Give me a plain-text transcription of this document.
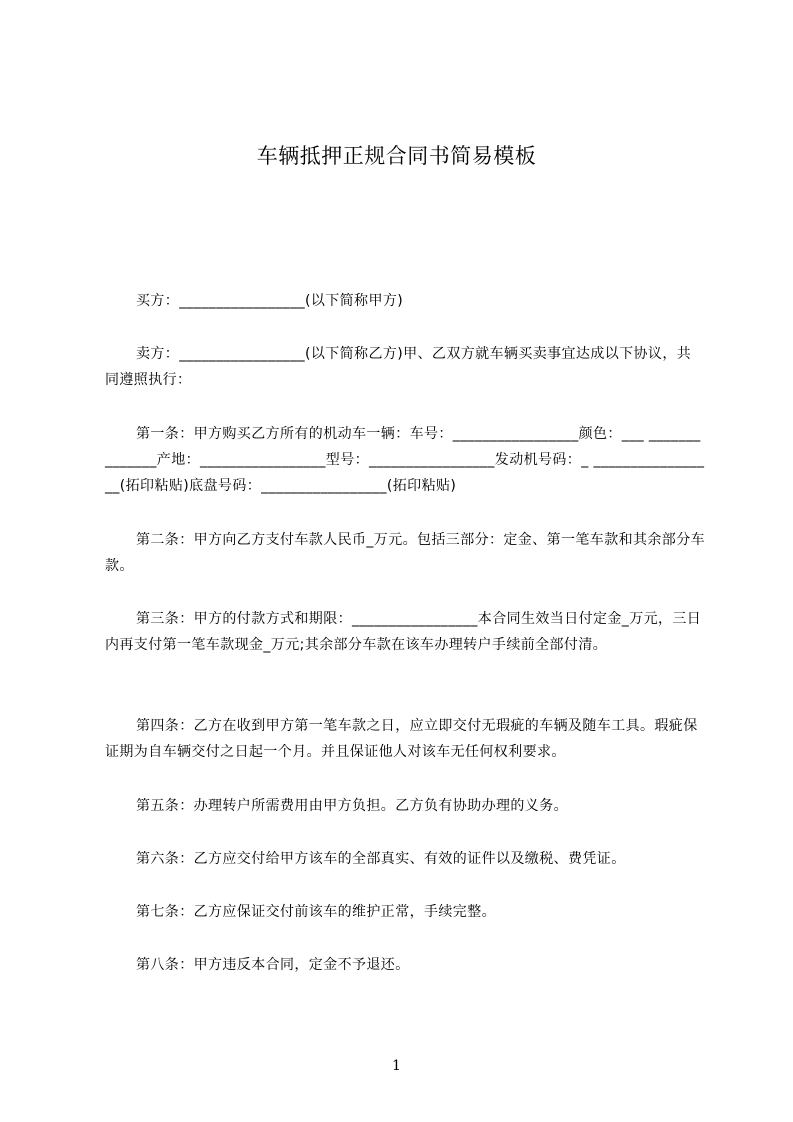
车辆抵押正规合同书简易模板

买方：_________________(以下简称甲方)

卖方：_________________(以下简称乙方)甲、乙双方就车辆买卖事宜达成以下协议，共同遵照执行：

第一条：甲方购买乙方所有的机动车一辆：车号：_________________颜色：___ ______________产地：_________________型号：_________________发动机号码：_ _________________(拓印粘贴)底盘号码：_________________(拓印粘贴)

第二条：甲方向乙方支付车款人民币_万元。包括三部分：定金、第一笔车款和其余部分车款。

第三条：甲方的付款方式和期限：_________________本合同生效当日付定金_万元，三日内再支付第一笔车款现金_万元;其余部分车款在该车办理转户手续前全部付清。

第四条：乙方在收到甲方第一笔车款之日，应立即交付无瑕疵的车辆及随车工具。瑕疵保证期为自车辆交付之日起一个月。并且保证他人对该车无任何权利要求。

第五条：办理转户所需费用由甲方负担。乙方负有协助办理的义务。

第六条：乙方应交付给甲方该车的全部真实、有效的证件以及缴税、费凭证。

第七条：乙方应保证交付前该车的维护正常，手续完整。

第八条：甲方违反本合同，定金不予退还。

1
